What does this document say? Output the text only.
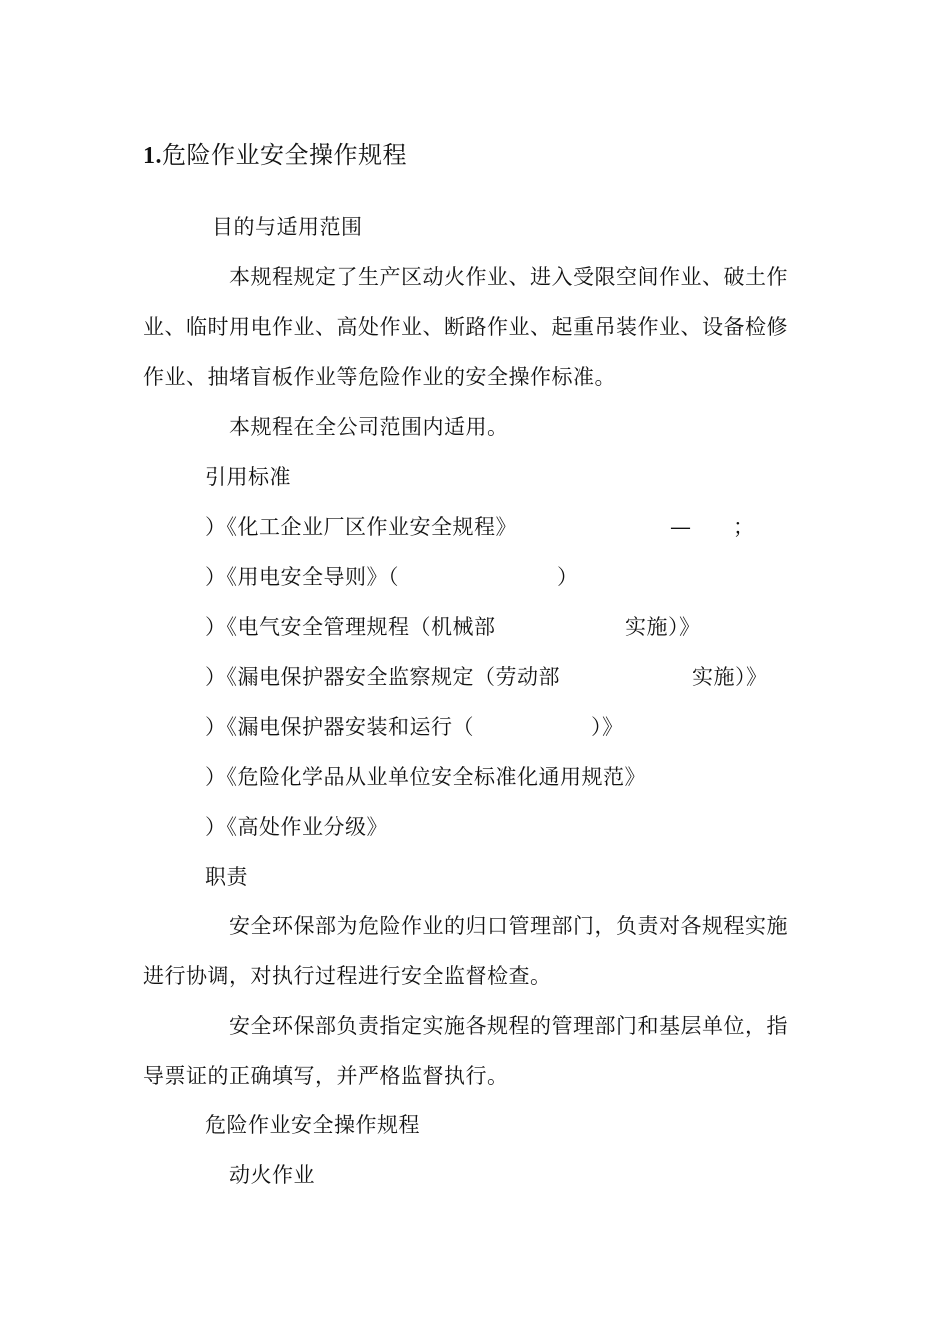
1.危险作业安全操作规程
目的与适用范围
本规程规定了生产区动火作业、进入受限空间作业、破土作
业、临时用电作业、高处作业、断路作业、起重吊装作业、设备检修
作业、抽堵盲板作业等危险作业的安全操作标准。
本规程在全公司范围内适用。
引用标准
）《化工企业厂区作业安全规程》	— ；
）《用电安全导则》（	）
）《电气安全管理规程（机械部	实施）》
）《漏电保护器安全监察规定（劳动部	实施）》
）《漏电保护器安装和运行（	）》
）《危险化学品从业单位安全标准化通用规范》
）《高处作业分级》
职责
安全环保部为危险作业的归口管理部门，负责对各规程实施
进行协调，对执行过程进行安全监督检查。
安全环保部负责指定实施各规程的管理部门和基层单位，指
导票证的正确填写，并严格监督执行。
危险作业安全操作规程
动火作业
